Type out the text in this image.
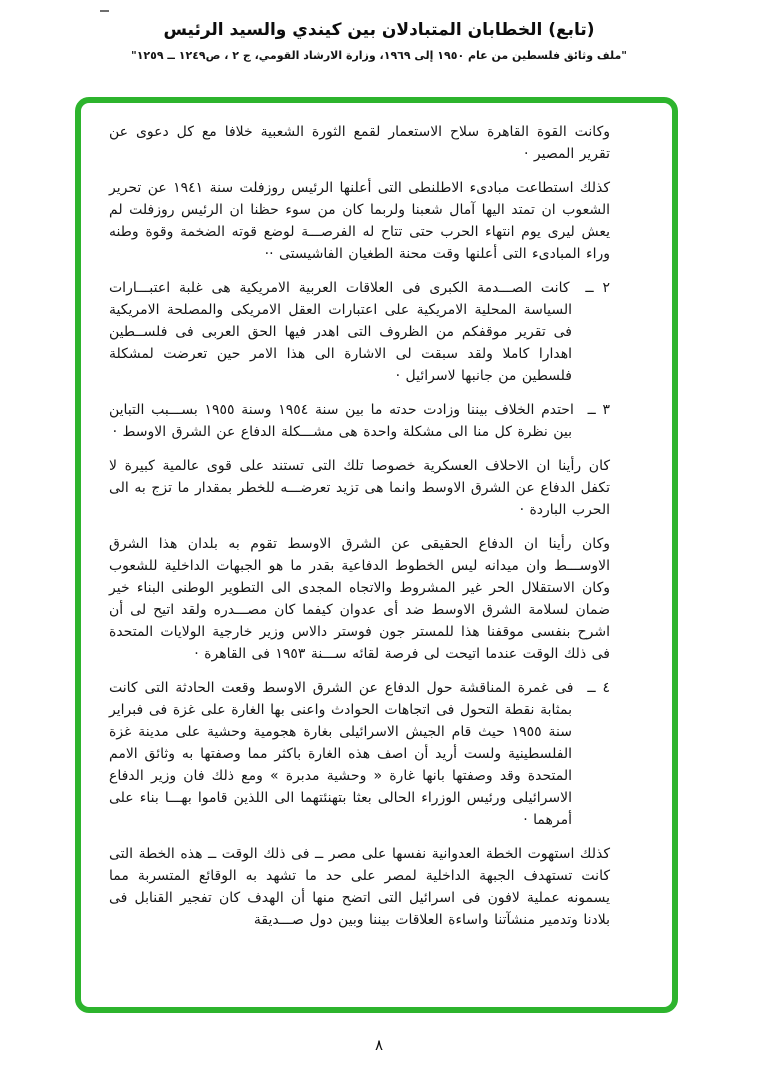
(تابع) الخطابان المتبادلان بين كيندي والسيد الرئيس
"ملف وثائق فلسطين من عام ١٩٥٠ إلى ١٩٦٩، وزارة الارشاد القومي، ج ٢ ، ص١٢٤٩ ــ ١٢٥٩"

وكانت القوة القاهرة سلاح الاستعمار لقمع الثورة الشعبية خلافا مع كل دعوى عن تقرير المصير ·

كذلك استطاعت مبادىء الاطلنطى التى أعلنها الرئيس روزفلت سنة ١٩٤١ عن تحرير الشعوب ان تمتد اليها آمال شعبنا ولربما كان من سوء حظنا ان الرئيس روزفلت لم يعش ليرى يوم انتهاء الحرب حتى تتاح له الفرصـــة لوضع قوته الضخمة وقوة وطنه وراء المبادىء التى أعلنها وقت محنة الطغيان الفاشيستى ··

٢ ــ كانت الصـــدمة الكبرى فى العلاقات العربية الامريكية هى غلبة اعتبـــارات السياسة المحلية الامريكية على اعتبارات العقل الامريكى والمصلحة الامريكية فى تقرير موقفكم من الظروف التى اهدر فيها الحق العربى فى فلســطين اهدارا كاملا ولقد سبقت لى الاشارة الى هذا الامر حين تعرضت لمشكلة فلسطين من جانبها لاسرائيل ·

٣ ــ احتدم الخلاف بيننا وزادت حدته ما بين سنة ١٩٥٤ وسنة ١٩٥٥ بســـبب التباين بين نظرة كل منا الى مشكلة واحدة هى مشـــكلة الدفاع عن الشرق الاوسط ·

كان رأينا ان الاحلاف العسكرية خصوصا تلك التى تستند على قوى عالمية كبيرة لا تكفل الدفاع عن الشرق الاوسط وانما هى تزيد تعرضـــه للخطر بمقدار ما تزج به الى الحرب الباردة ·

وكان رأينا ان الدفاع الحقيقى عن الشرق الاوسط تقوم به بلدان هذا الشرق الاوســـط وان ميدانه ليس الخطوط الدفاعية بقدر ما هو الجبهات الداخلية للشعوب وكان الاستقلال الحر غير المشروط والاتجاه المجدى الى التطوير الوطنى البناء خير ضمان لسلامة الشرق الاوسط ضد أى عدوان كيفما كان مصـــدره ولقد اتيح لى أن اشرح بنفسى موقفنا هذا للمستر جون فوستر دالاس وزير خارجية الولايات المتحدة فى ذلك الوقت عندما اتيحت لى فرصة لقائه ســـنة ١٩٥٣ فى القاهرة ·

٤ ــ فى غمرة المناقشة حول الدفاع عن الشرق الاوسط وقعت الحادثة التى كانت بمثابة نقطة التحول فى اتجاهات الحوادث واعنى بها الغارة على غزة فى فبراير سنة ١٩٥٥ حيث قام الجيش الاسرائيلى بغارة هجومية وحشية على مدينة غزة الفلسطينية ولست أريد أن اصف هذه الغارة باكثر مما وصفتها به وثائق الامم المتحدة وقد وصفتها بانها غارة « وحشية مدبرة » ومع ذلك فان وزير الدفاع الاسرائيلى ورئيس الوزراء الحالى بعثا بتهنئتهما الى اللذين قاموا بهـــا بناء على أمرهما ·

كذلك استهوت الخطة العدوانية نفسها على مصر ــ فى ذلك الوقت ــ هذه الخطة التى كانت تستهدف الجبهة الداخلية لمصر على حد ما تشهد به الوقائع المتسربة مما يسمونه عملية لافون فى اسرائيل التى اتضح منها أن الهدف كان تفجير القنابل فى بلادنا وتدمير منشآتنا واساءة العلاقات بيننا وبين دول صـــديقة

٨
